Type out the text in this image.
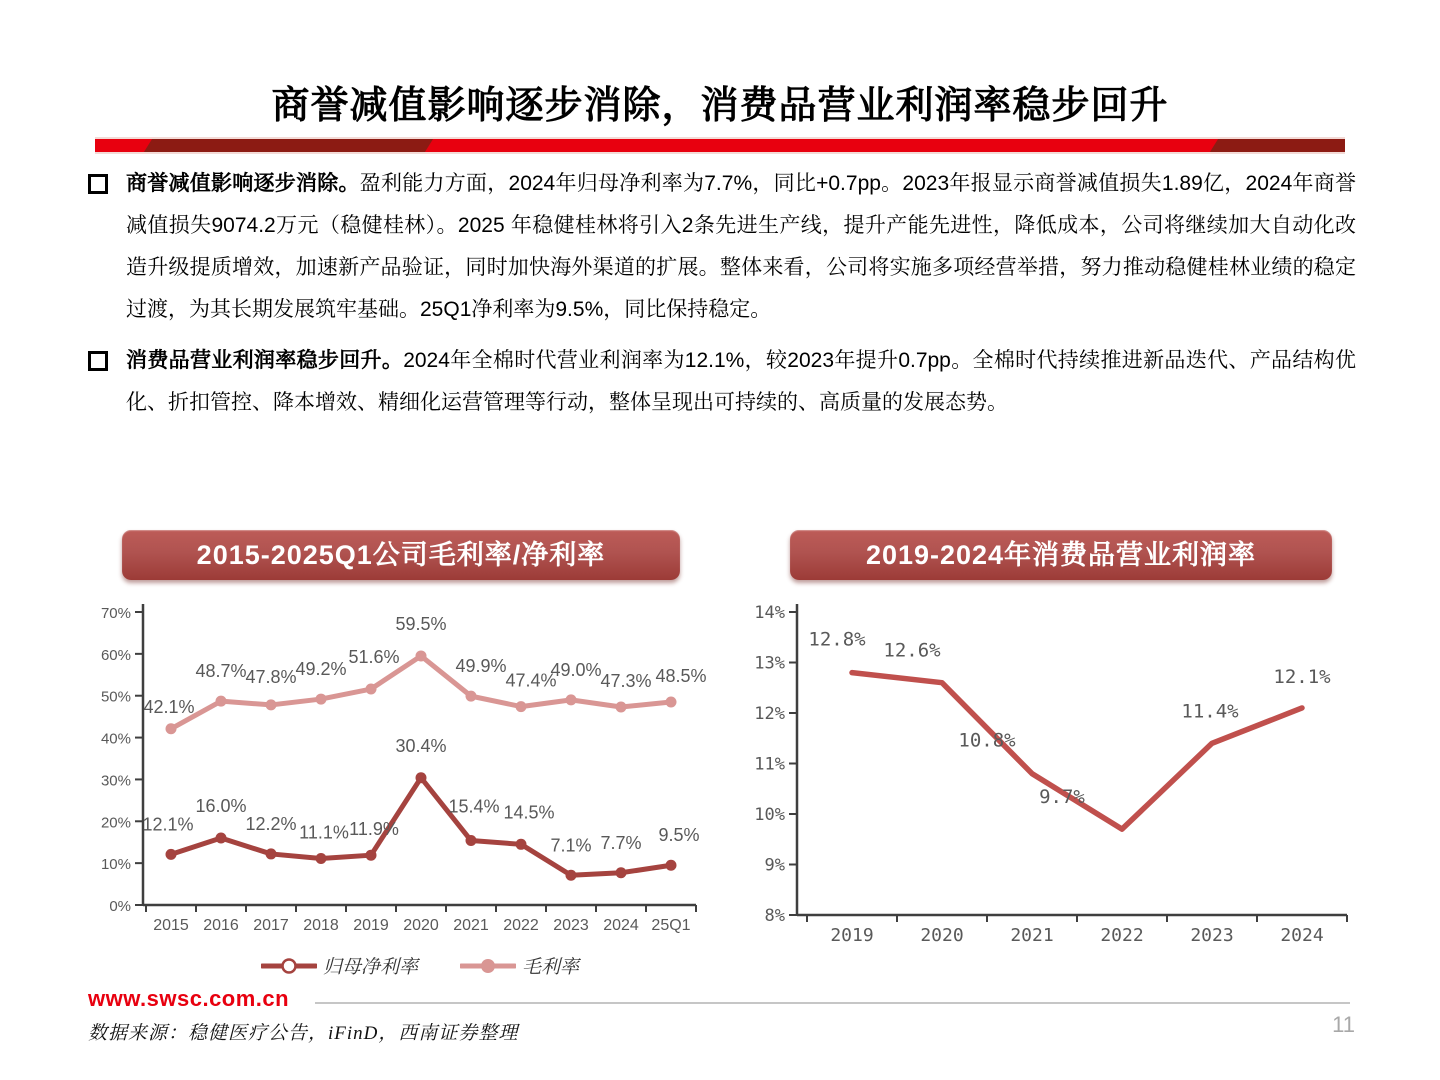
商誉减值影响逐步消除，消费品营业利润率稳步回升
商誉减值影响逐步消除。盈利能力方面，2024年归母净利率为7.7%，同比+0.7pp。2023年报显示商誉减值损失1.89亿，2024年商誉减值损失9074.2万元（稳健桂林）。2025 年稳健桂林将引入2条先进生产线，提升产能先进性，降低成本，公司将继续加大自动化改造升级提质增效，加速新产品验证，同时加快海外渠道的扩展。整体来看，公司将实施多项经营举措，努力推动稳健桂林业绩的稳定过渡，为其长期发展筑牢基础。25Q1净利率为9.5%，同比保持稳定。
消费品营业利润率稳步回升。2024年全棉时代营业利润率为12.1%，较2023年提升0.7pp。全棉时代持续推进新品迭代、产品结构优化、折扣管控、降本增效、精细化运营管理等行动，整体呈现出可持续的、高质量的发展态势。
2015-2025Q1公司毛利率/净利率	2019-2024年消费品营业利润率
0%
10%
20%
30%
40%
50%
60%
70%
2015 2016 2017 2018 2019 2020 2021 2022 2023 2024 25Q1
12.1%
16.0%
12.2% 11.1% 11.9%
30.4%
15.4% 14.5%
7.1% 7.7% 9.5%
42.1%
48.7%
47.8%
49.2%
51.6%
59.5%
49.9%
47.4%
49.0%
47.3% 48.5%
8%
9%
10%
11%
12%
13%
14%
2019	2020	2021	2022	2023	2024
12.8%
12.6%
10.8%
9.7%
11.4%
12.1%
归母净利率	毛利率
www.swsc.com.cn
数据来源：稳健医疗公告，iFinD，西南证券整理	11
